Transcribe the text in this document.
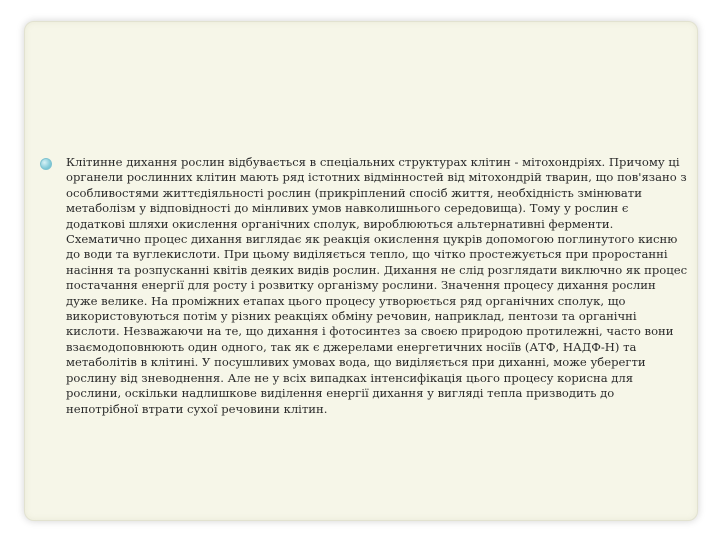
Клітинне дихання рослин відбувається в спеціальних структурах клітин - мітохондріях. Причому ці органели рослинних клітин мають ряд істотних відмінностей від мітохондрій тварин, що пов'язано з особливостями життєдіяльності рослин (прикріплений спосіб життя, необхідність змінювати метаболізм у відповідності до мінливих умов навколишнього середовища). Тому у рослин є додаткові шляхи окислення органічних сполук, вироблюються альтернативні ферменти. Схематично процес дихання виглядає як реакція окислення цукрів допомогою поглинутого кисню до води та вуглекислоти. При цьому виділяється тепло, що чітко простежується при проростанні насіння та розпусканні квітів деяких видів рослин. Дихання не слід розглядати виключно як процес постачання енергії для росту і розвитку організму рослини. Значення процесу дихання рослин дуже велике. На проміжних етапах цього процесу утворюється ряд органічних сполук, що використовуються потім у різних реакціях обміну речовин, наприклад, пентози та органічні кислоти. Незважаючи на те, що дихання і фотосинтез за своєю природою протилежні, часто вони взаємодоповнюють один одного, так як є джерелами енергетичних носіїв (АТФ, НАДФ-Н) та метаболітів в клітині. У посушливих умовах вода, що виділяється при диханні, може уберегти рослину від зневоднення. Але не у всіх випадках інтенсифікація цього процесу корисна для рослини, оскільки надлишкове виділення енергії дихання у вигляді тепла призводить до непотрібної втрати сухої речовини клітин.
